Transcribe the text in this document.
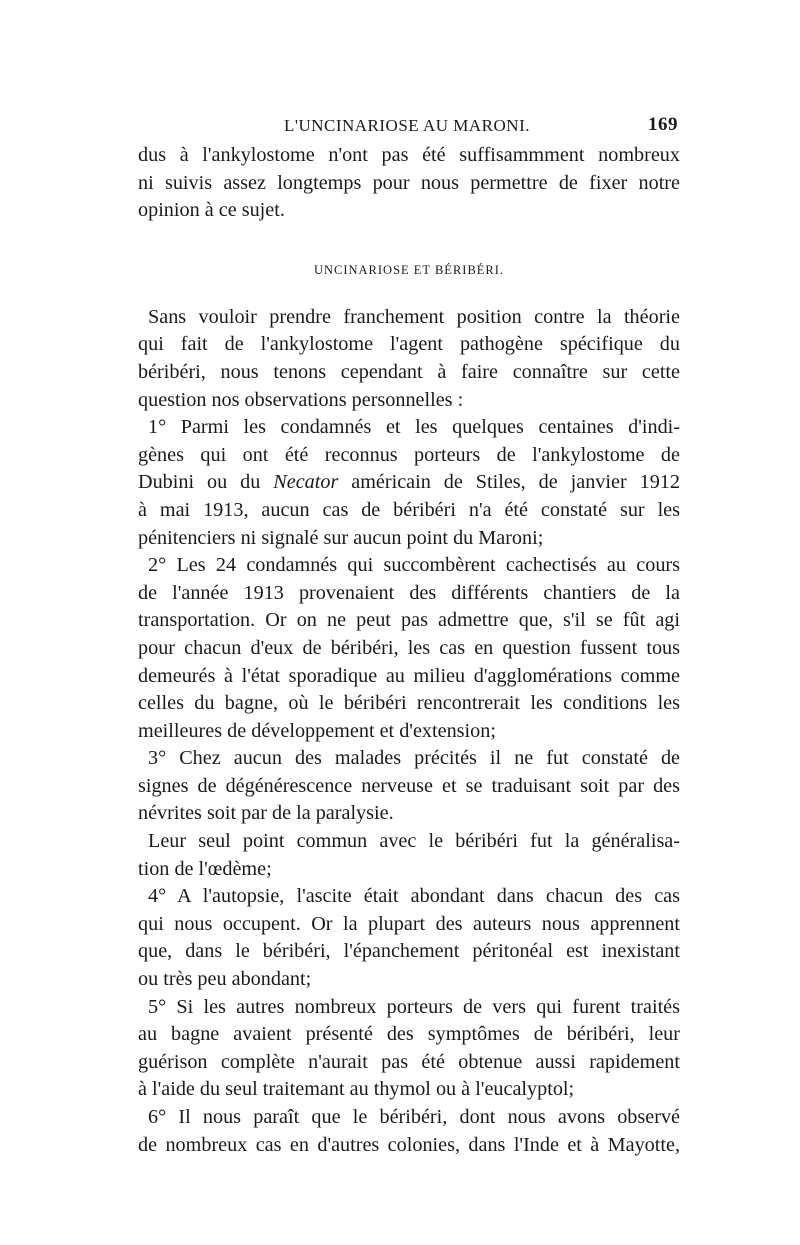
L'UNCINARIOSE AU MARONI.	169

dus à l'ankylostome n'ont pas été suffisammment nombreux
ni suivis assez longtemps pour nous permettre de fixer notre
opinion à ce sujet.

UNCINARIOSE ET BÉRIBÉRI.

Sans vouloir prendre franchement position contre la théorie
qui fait de l'ankylostome l'agent pathogène spécifique du
béribéri, nous tenons cependant à faire connaître sur cette
question nos observations personnelles :

1° Parmi les condamnés et les quelques centaines d'indi-
gènes qui ont été reconnus porteurs de l'ankylostome de
Dubini ou du Necator américain de Stiles, de janvier 1912
à mai 1913, aucun cas de béribéri n'a été constaté sur les
pénitenciers ni signalé sur aucun point du Maroni;

2° Les 24 condamnés qui succombèrent cachectisés au cours
de l'année 1913 provenaient des différents chantiers de la
transportation. Or on ne peut pas admettre que, s'il se fût agi
pour chacun d'eux de béribéri, les cas en question fussent tous
demeurés à l'état sporadique au milieu d'agglomérations comme
celles du bagne, où le béribéri rencontrerait les conditions les
meilleures de développement et d'extension;

3° Chez aucun des malades précités il ne fut constaté de
signes de dégénérescence nerveuse et se traduisant soit par des
névrites soit par de la paralysie.

Leur seul point commun avec le béribéri fut la généralisa-
tion de l'œdème;

4° A l'autopsie, l'ascite était abondant dans chacun des cas
qui nous occupent. Or la plupart des auteurs nous apprennent
que, dans le béribéri, l'épanchement péritonéal est inexistant
ou très peu abondant;

5° Si les autres nombreux porteurs de vers qui furent traités
au bagne avaient présenté des symptômes de béribéri, leur
guérison complète n'aurait pas été obtenue aussi rapidement
à l'aide du seul traitemant au thymol ou à l'eucalyptol;

6° Il nous paraît que le béribéri, dont nous avons observé
de nombreux cas en d'autres colonies, dans l'Inde et à Mayotte,
